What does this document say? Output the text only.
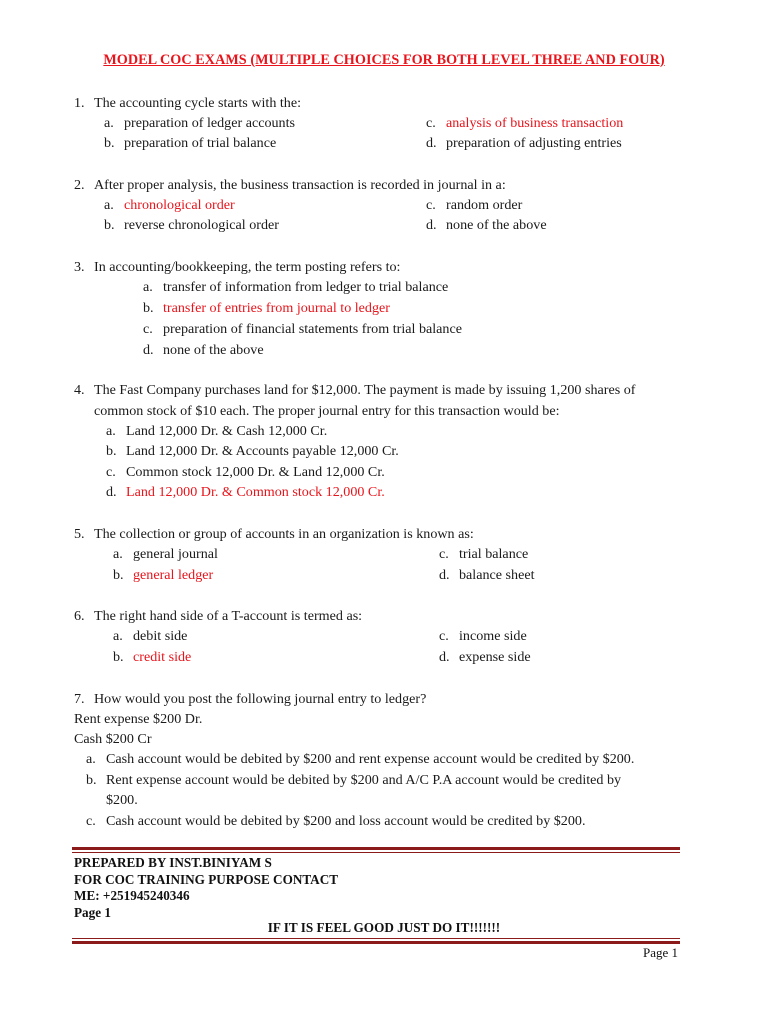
MODEL COC EXAMS (MULTIPLE CHOICES FOR BOTH LEVEL THREE AND FOUR)
1. The accounting cycle starts with the:
a. preparation of ledger accounts
b. preparation of trial balance
c. analysis of business transaction
d. preparation of adjusting entries
2. After proper analysis, the business transaction is recorded in journal in a:
a. chronological order
b. reverse chronological order
c. random order
d. none of the above
3. In accounting/bookkeeping, the term posting refers to:
a. transfer of information from ledger to trial balance
b. transfer of entries from journal to ledger
c. preparation of financial statements from trial balance
d. none of the above
4. The Fast Company purchases land for $12,000. The payment is made by issuing 1,200 shares of
common stock of $10 each. The proper journal entry for this transaction would be:
a. Land 12,000 Dr. & Cash 12,000 Cr.
b. Land 12,000 Dr. & Accounts payable 12,000 Cr.
c. Common stock 12,000 Dr. & Land 12,000 Cr.
d. Land 12,000 Dr. & Common stock 12,000 Cr.
5. The collection or group of accounts in an organization is known as:
a. general journal
b. general ledger
c. trial balance
d. balance sheet
6. The right hand side of a T-account is termed as:
a. debit side
b. credit side
c. income side
d. expense side
7. How would you post the following journal entry to ledger?
Rent expense $200 Dr.
Cash $200 Cr
a. Cash account would be debited by $200 and rent expense account would be credited by $200.
b. Rent expense account would be debited by $200 and A/C P.A account would be credited by
$200.
c. Cash account would be debited by $200 and loss account would be credited by $200.
PREPARED BY INST.BINIYAM S
FOR COC TRAINING PURPOSE CONTACT
ME: +251945240346
Page 1
IF IT IS FEEL GOOD JUST DO IT!!!!!!!
Page 1
